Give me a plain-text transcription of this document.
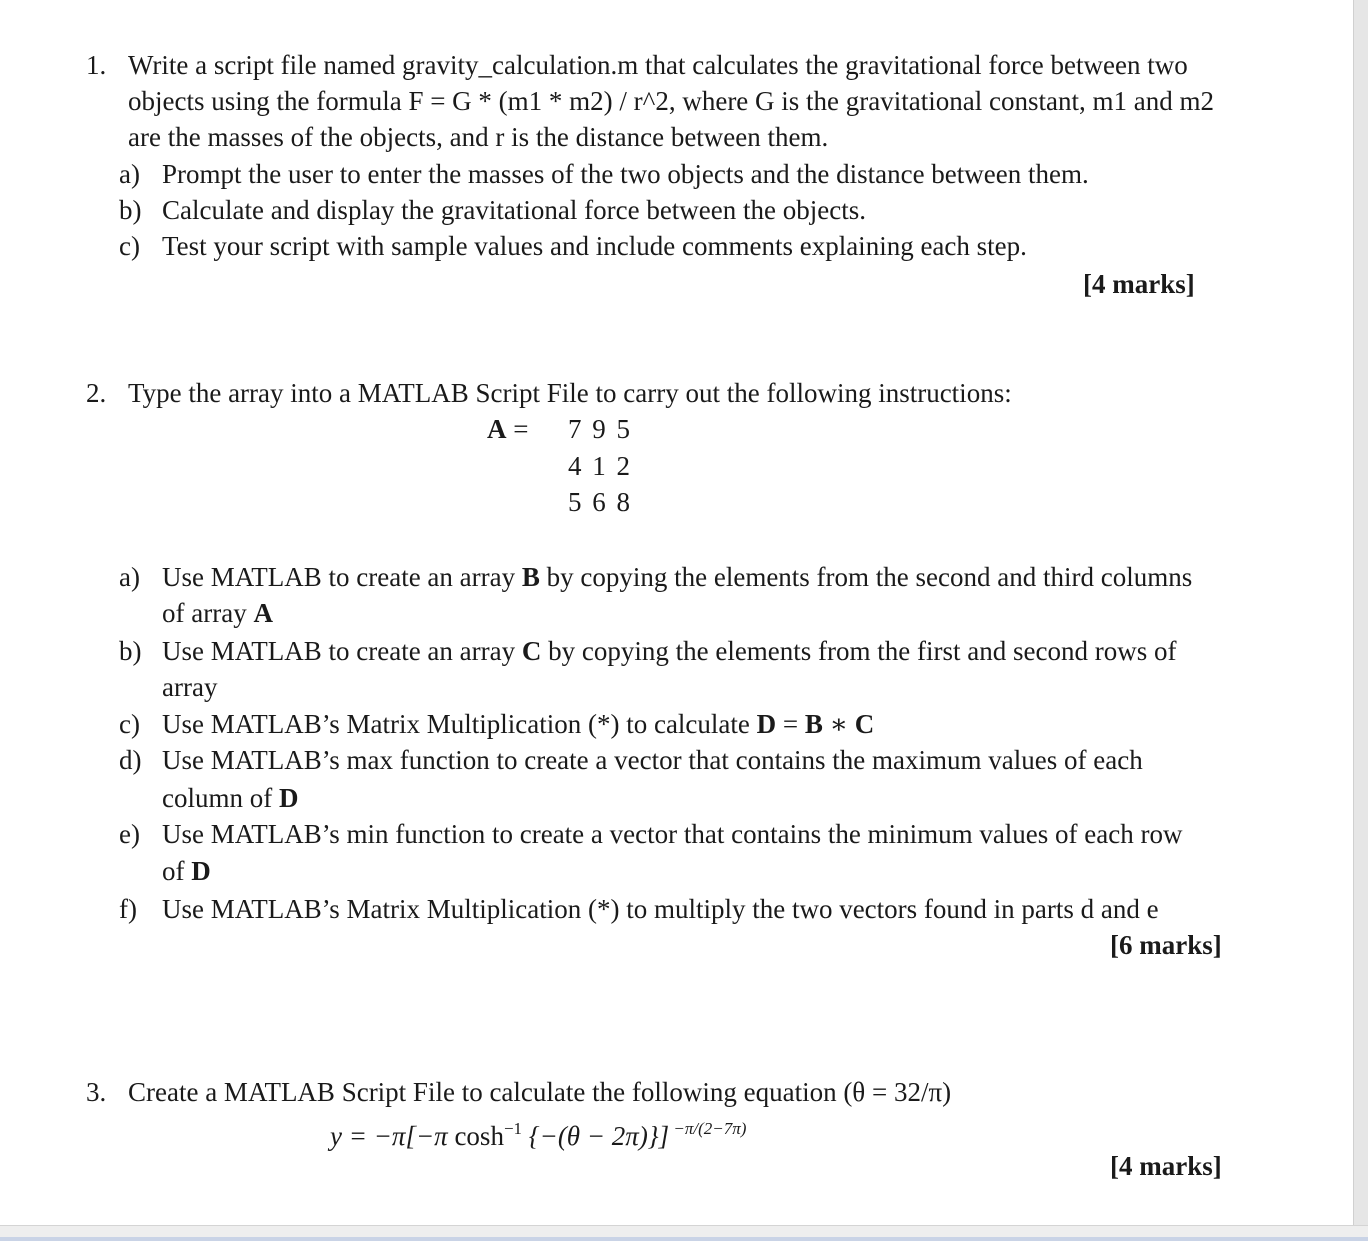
1. Write a script file named gravity_calculation.m that calculates the gravitational force between two
objects using the formula F = G * (m1 * m2) / r^2, where G is the gravitational constant, m1 and m2
are the masses of the objects, and r is the distance between them.
a) Prompt the user to enter the masses of the two objects and the distance between them.
b) Calculate and display the gravitational force between the objects.
c) Test your script with sample values and include comments explaining each step.
[4 marks]
2. Type the array into a MATLAB Script File to carry out the following instructions:
A = 7 9 5
4 1 2
5 6 8
a) Use MATLAB to create an array B by copying the elements from the second and third columns
of array A
b) Use MATLAB to create an array C by copying the elements from the first and second rows of
array
c) Use MATLAB’s Matrix Multiplication (*) to calculate D = B ∗ C
d) Use MATLAB’s max function to create a vector that contains the maximum values of each
column of D
e) Use MATLAB’s min function to create a vector that contains the minimum values of each row
of D
f) Use MATLAB’s Matrix Multiplication (*) to multiply the two vectors found in parts d and e
[6 marks]
3. Create a MATLAB Script File to calculate the following equation (θ = 32/π)
y = −π[−π $\cosh^{-1} \{-(\theta - 2\pi)\}$] $^{-\pi/(2-7\pi)}$
[4 marks]
